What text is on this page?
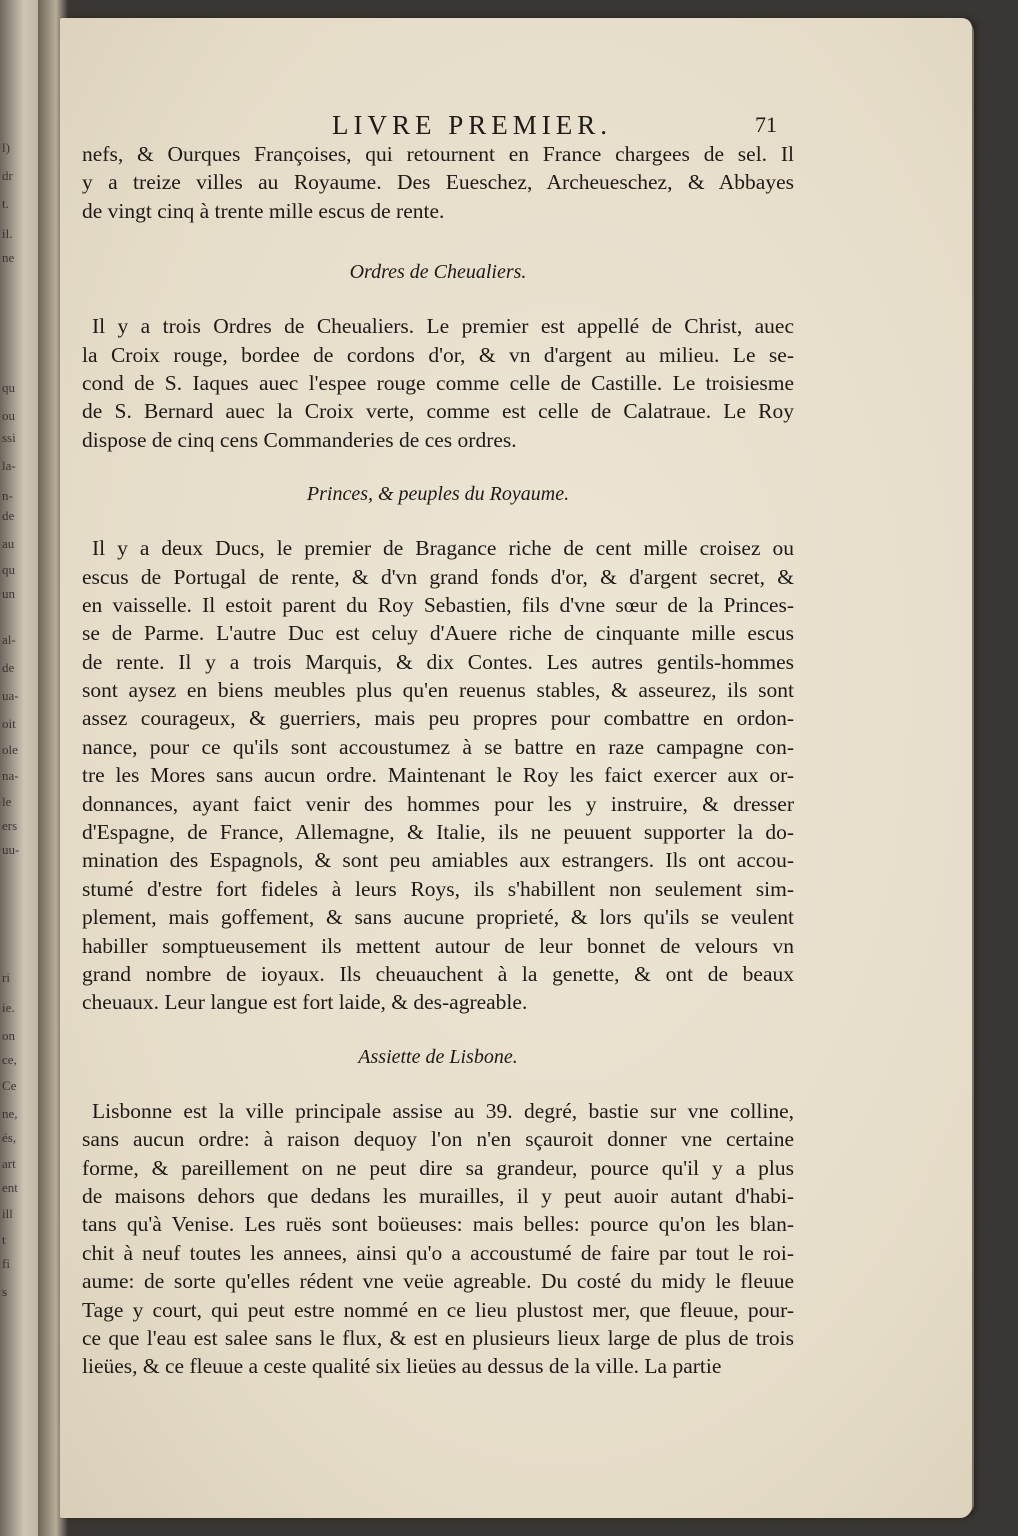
l)
dr
t.
il.
ne
qu
ou
ssi
la-
n-
de
au
qu
un
al-
de
ua-
oit
ole
na-
le
ers
uu-
ri
ie.
on
ce,
Ce
ne,
és,
art
ent
ill
t
fi
s
LIVRE PREMIER.	71
nefs, & Ourques Françoises, qui retournent en France chargees de sel. Il
y a treize villes au Royaume. Des Eueschez, Archeueschez, & Abbayes
de vingt cinq à trente mille escus de rente.
Ordres de Cheualiers.
Il y a trois Ordres de Cheualiers. Le premier est appellé de Christ, auec
la Croix rouge, bordee de cordons d'or, & vn d'argent au milieu. Le se-
cond de S. Iaques auec l'espee rouge comme celle de Castille. Le troisiesme
de S. Bernard auec la Croix verte, comme est celle de Calatraue. Le Roy
dispose de cinq cens Commanderies de ces ordres.
Princes, & peuples du Royaume.
Il y a deux Ducs, le premier de Bragance riche de cent mille croisez ou
escus de Portugal de rente, & d'vn grand fonds d'or, & d'argent secret, &
en vaisselle. Il estoit parent du Roy Sebastien, fils d'vne sœur de la Princes-
se de Parme. L'autre Duc est celuy d'Auere riche de cinquante mille escus
de rente. Il y a trois Marquis, & dix Contes. Les autres gentils-hommes
sont aysez en biens meubles plus qu'en reuenus stables, & asseurez, ils sont
assez courageux, & guerriers, mais peu propres pour combattre en ordon-
nance, pour ce qu'ils sont accoustumez à se battre en raze campagne con-
tre les Mores sans aucun ordre. Maintenant le Roy les faict exercer aux or-
donnances, ayant faict venir des hommes pour les y instruire, & dresser
d'Espagne, de France, Allemagne, & Italie, ils ne peuuent supporter la do-
mination des Espagnols, & sont peu amiables aux estrangers. Ils ont accou-
stumé d'estre fort fideles à leurs Roys, ils s'habillent non seulement sim-
plement, mais goffement, & sans aucune proprieté, & lors qu'ils se veulent
habiller somptueusement ils mettent autour de leur bonnet de velours vn
grand nombre de ioyaux. Ils cheuauchent à la genette, & ont de beaux
cheuaux. Leur langue est fort laide, & des-agreable.
Assiette de Lisbone.
Lisbonne est la ville principale assise au 39. degré, bastie sur vne colline,
sans aucun ordre: à raison dequoy l'on n'en sçauroit donner vne certaine
forme, & pareillement on ne peut dire sa grandeur, pource qu'il y a plus
de maisons dehors que dedans les murailles, il y peut auoir autant d'habi-
tans qu'à Venise. Les ruës sont boüeuses: mais belles: pource qu'on les blan-
chit à neuf toutes les annees, ainsi qu'o a accoustumé de faire par tout le roi-
aume: de sorte qu'elles rédent vne veüe agreable. Du costé du midy le fleuue
Tage y court, qui peut estre nommé en ce lieu plustost mer, que fleuue, pour-
ce que l'eau est salee sans le flux, & est en plusieurs lieux large de plus de trois
lieües, & ce fleuue a ceste qualité six lieües au dessus de la ville. La partie
